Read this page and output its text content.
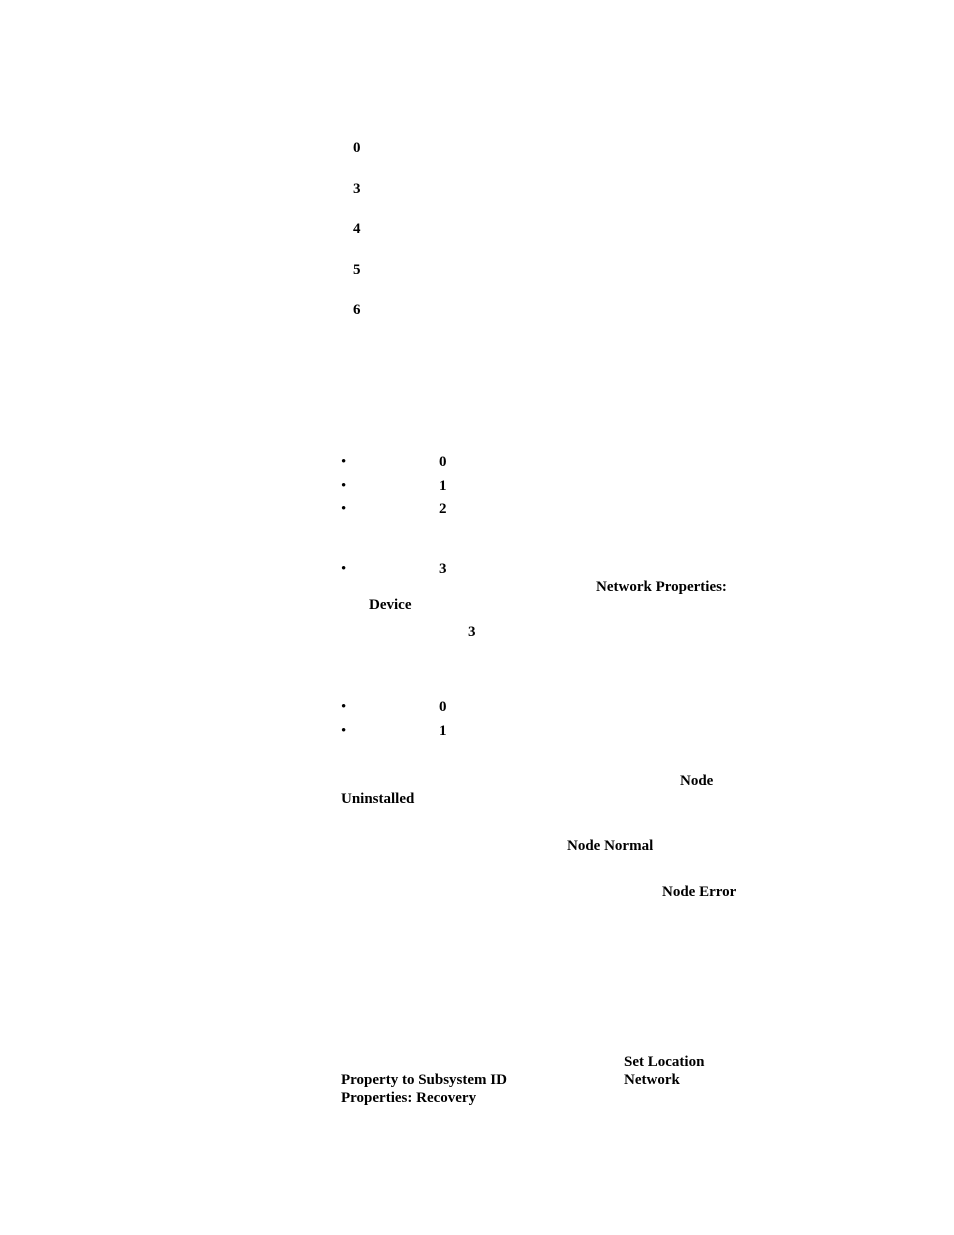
0
3
4
5
6
•	0
•	1
•	2
•	3
Network Properties:
Device
3
•	0
•	1
Node
Uninstalled
Node Normal
Node Error
Set Location
Property to Subsystem ID	Network
Properties: Recovery
